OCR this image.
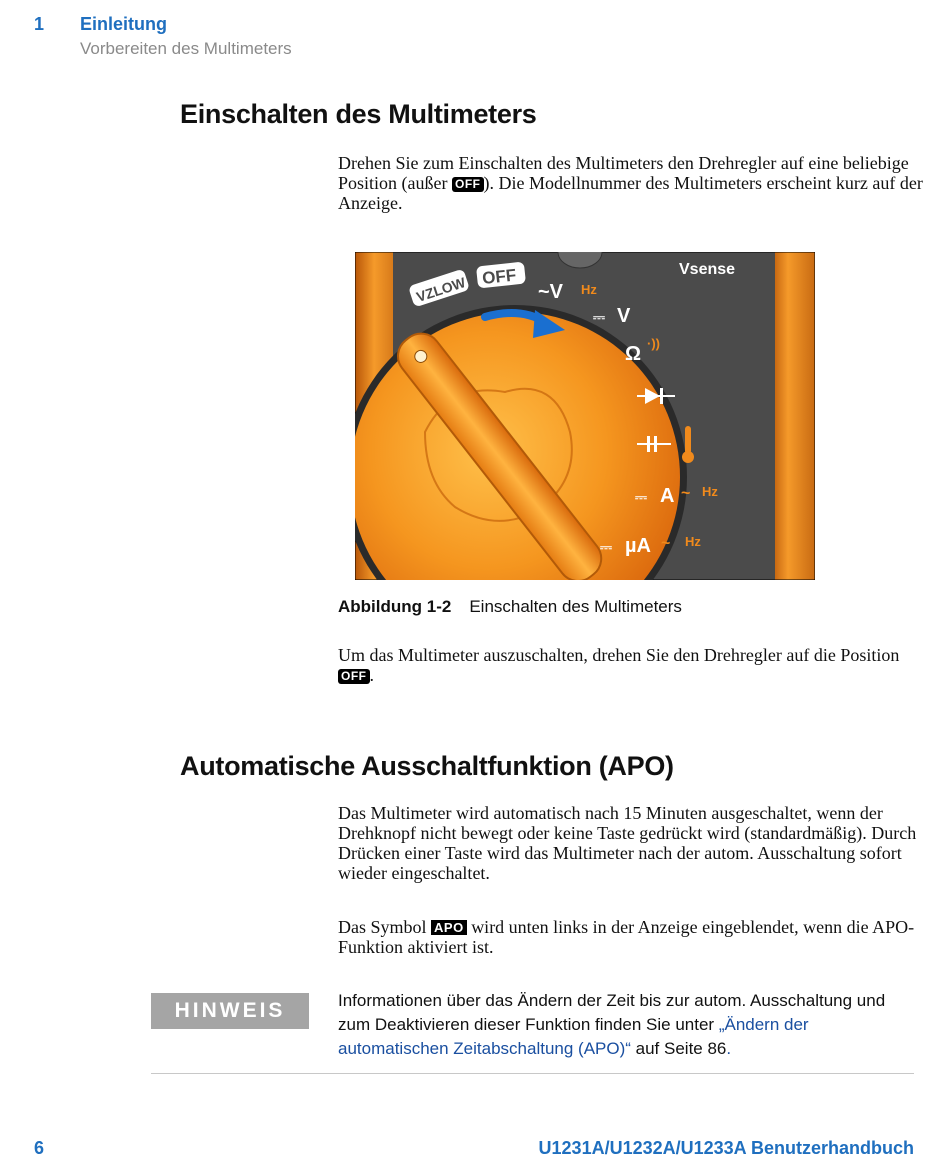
1 Einleitung
Vorbereiten des Multimeters
Einschalten des Multimeters
Drehen Sie zum Einschalten des Multimeters den Drehregler auf eine beliebige Position (außer OFF ). Die Modellnummer des Multimeters erscheint kurz auf der Anzeige.
VZLOW OFF
~V Hz
Vsense
⎓ V
Ω ·))
⎓ A ~ Hz
⎓ µA ~ Hz
Abbildung 1-2 Einschalten des Multimeters
Um das Multimeter auszuschalten, drehen Sie den Drehregler auf die Position OFF .
Automatische Ausschaltfunktion (APO)
Das Multimeter wird automatisch nach 15 Minuten ausgeschaltet, wenn der Drehknopf nicht bewegt oder keine Taste gedrückt wird (standardmäßig). Durch Drücken einer Taste wird das Multimeter nach der autom. Ausschaltung sofort wieder eingeschaltet.
Das Symbol APO wird unten links in der Anzeige eingeblendet, wenn die APO-Funktion aktiviert ist.
HINWEIS	Informationen über das Ändern der Zeit bis zur autom. Ausschaltung und zum Deaktivieren dieser Funktion finden Sie unter „Ändern der automatischen Zeitabschaltung (APO)“ auf Seite 86.
6	U1231A/U1232A/U1233A Benutzerhandbuch
